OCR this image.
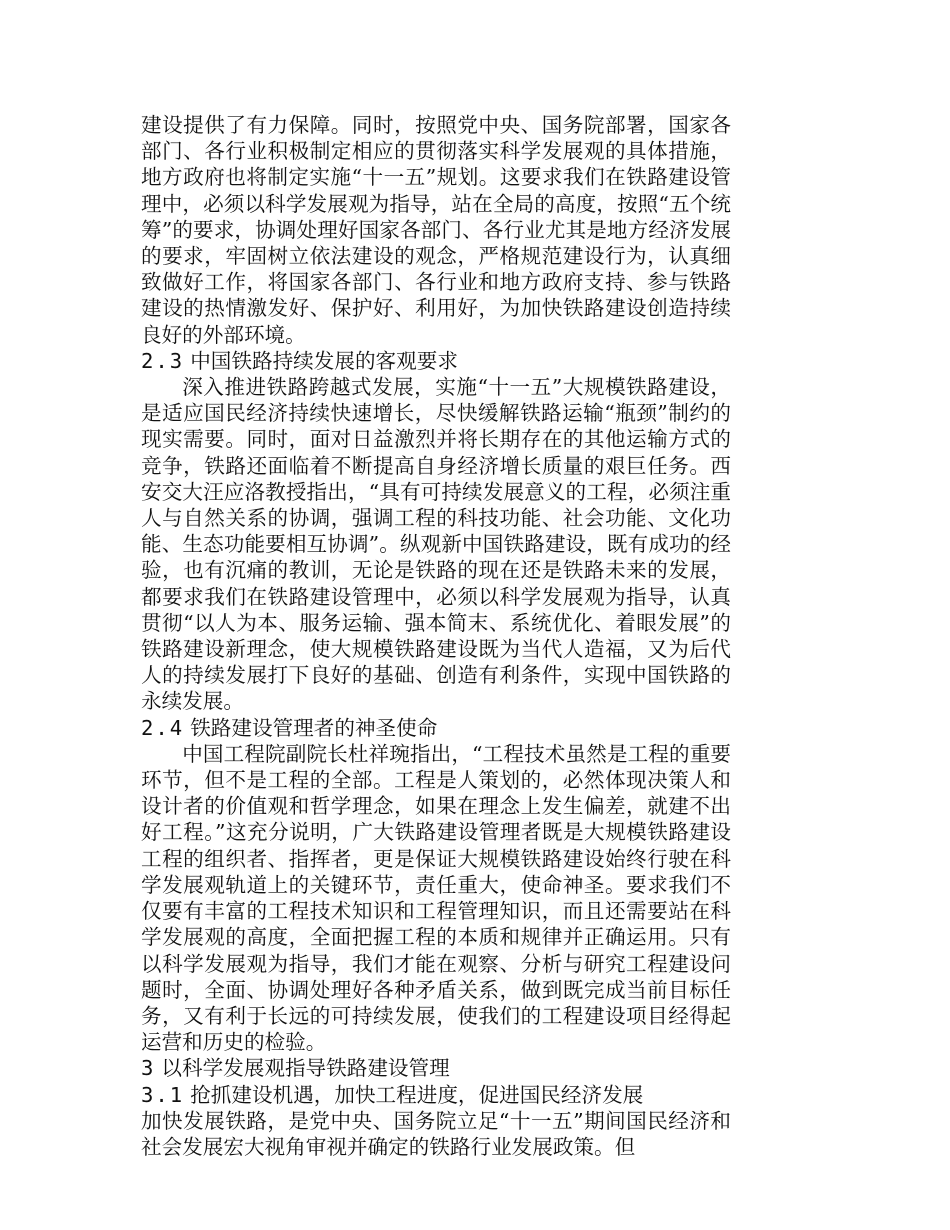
建设提供了有力保障。同时，按照党中央、国务院部署，国家各部门、各行业积极制定相应的贯彻落实科学发展观的具体措施，地方政府也将制定实施“十一五”规划。这要求我们在铁路建设管理中，必须以科学发展观为指导，站在全局的高度，按照“五个统筹”的要求，协调处理好国家各部门、各行业尤其是地方经济发展的要求，牢固树立依法建设的观念，严格规范建设行为，认真细致做好工作，将国家各部门、各行业和地方政府支持、参与铁路建设的热情激发好、保护好、利用好，为加快铁路建设创造持续良好的外部环境。

2.3 中国铁路持续发展的客观要求

深入推进铁路跨越式发展，实施“十一五”大规模铁路建设，是适应国民经济持续快速增长，尽快缓解铁路运输“瓶颈”制约的现实需要。同时，面对日益激烈并将长期存在的其他运输方式的竞争，铁路还面临着不断提高自身经济增长质量的艰巨任务。西安交大汪应洛教授指出，“具有可持续发展意义的工程，必须注重人与自然关系的协调，强调工程的科技功能、社会功能、文化功能、生态功能要相互协调”。纵观新中国铁路建设，既有成功的经验，也有沉痛的教训，无论是铁路的现在还是铁路未来的发展，都要求我们在铁路建设管理中，必须以科学发展观为指导，认真贯彻“以人为本、服务运输、强本简末、系统优化、着眼发展”的铁路建设新理念，使大规模铁路建设既为当代人造福，又为后代人的持续发展打下良好的基础、创造有利条件，实现中国铁路的永续发展。

2.4 铁路建设管理者的神圣使命

中国工程院副院长杜祥琬指出，“工程技术虽然是工程的重要环节，但不是工程的全部。工程是人策划的，必然体现决策人和设计者的价值观和哲学理念，如果在理念上发生偏差，就建不出好工程。”这充分说明，广大铁路建设管理者既是大规模铁路建设工程的组织者、指挥者，更是保证大规模铁路建设始终行驶在科学发展观轨道上的关键环节，责任重大，使命神圣。要求我们不仅要有丰富的工程技术知识和工程管理知识，而且还需要站在科学发展观的高度，全面把握工程的本质和规律并正确运用。只有以科学发展观为指导，我们才能在观察、分析与研究工程建设问题时，全面、协调处理好各种矛盾关系，做到既完成当前目标任务，又有利于长远的可持续发展，使我们的工程建设项目经得起运营和历史的检验。

3 以科学发展观指导铁路建设管理
3.1 抢抓建设机遇，加快工程进度，促进国民经济发展

加快发展铁路，是党中央、国务院立足“十一五”期间国民经济和社会发展宏大视角审视并确定的铁路行业发展政策。但
